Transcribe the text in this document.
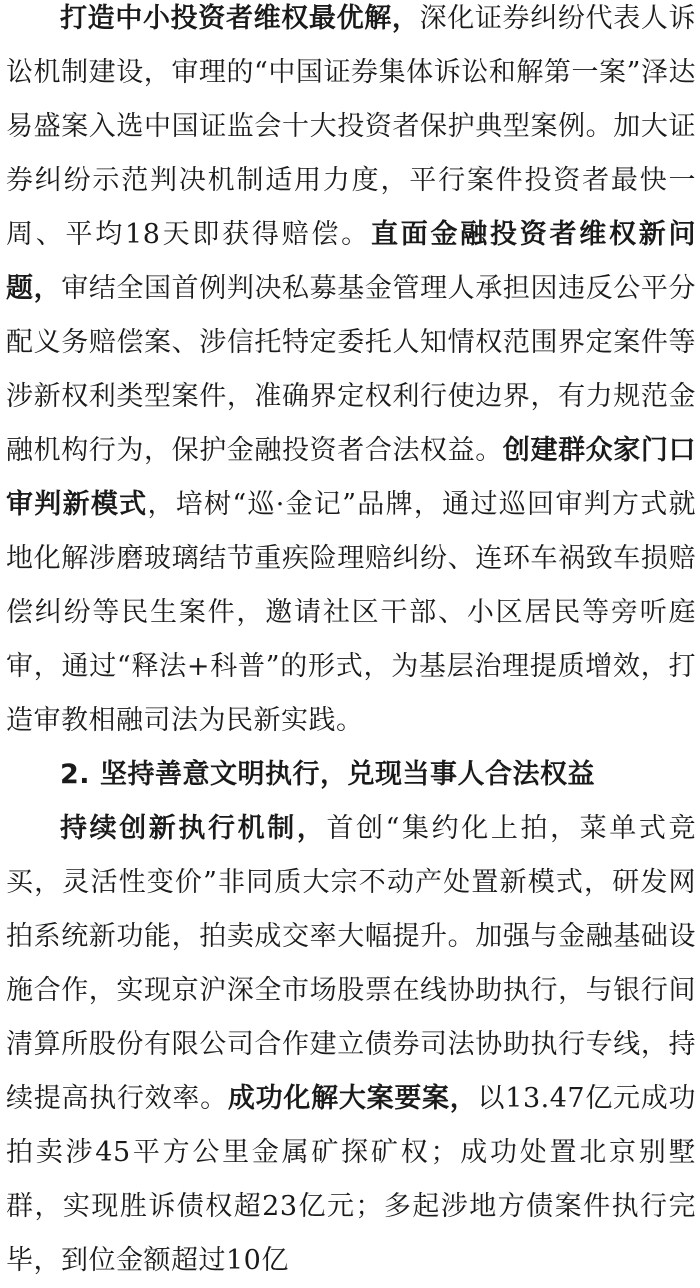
打造中小投资者维权最优解，深化证券纠纷代表人诉讼机制建设，审理的“中国证券集体诉讼和解第一案”泽达易盛案入选中国证监会十大投资者保护典型案例。加大证券纠纷示范判决机制适用力度，平行案件投资者最快一周、平均18天即获得赔偿。直面金融投资者维权新问题，审结全国首例判决私募基金管理人承担因违反公平分配义务赔偿案、涉信托特定委托人知情权范围界定案件等涉新权利类型案件，准确界定权利行使边界，有力规范金融机构行为，保护金融投资者合法权益。创建群众家门口审判新模式，培树“巡·金记”品牌，通过巡回审判方式就地化解涉磨玻璃结节重疾险理赔纠纷、连环车祸致车损赔偿纠纷等民生案件，邀请社区干部、小区居民等旁听庭审，通过“释法+科普”的形式，为基层治理提质增效，打造审教相融司法为民新实践。

2. 坚持善意文明执行，兑现当事人合法权益

持续创新执行机制，首创“集约化上拍，菜单式竞买，灵活性变价”非同质大宗不动产处置新模式，研发网拍系统新功能，拍卖成交率大幅提升。加强与金融基础设施合作，实现京沪深全市场股票在线协助执行，与银行间清算所股份有限公司合作建立债券司法协助执行专线，持续提高执行效率。成功化解大案要案，以13.47亿元成功拍卖涉45平方公里金属矿探矿权；成功处置北京别墅群，实现胜诉债权超23亿元；多起涉地方债案件执行完毕，到位金额超过10亿
